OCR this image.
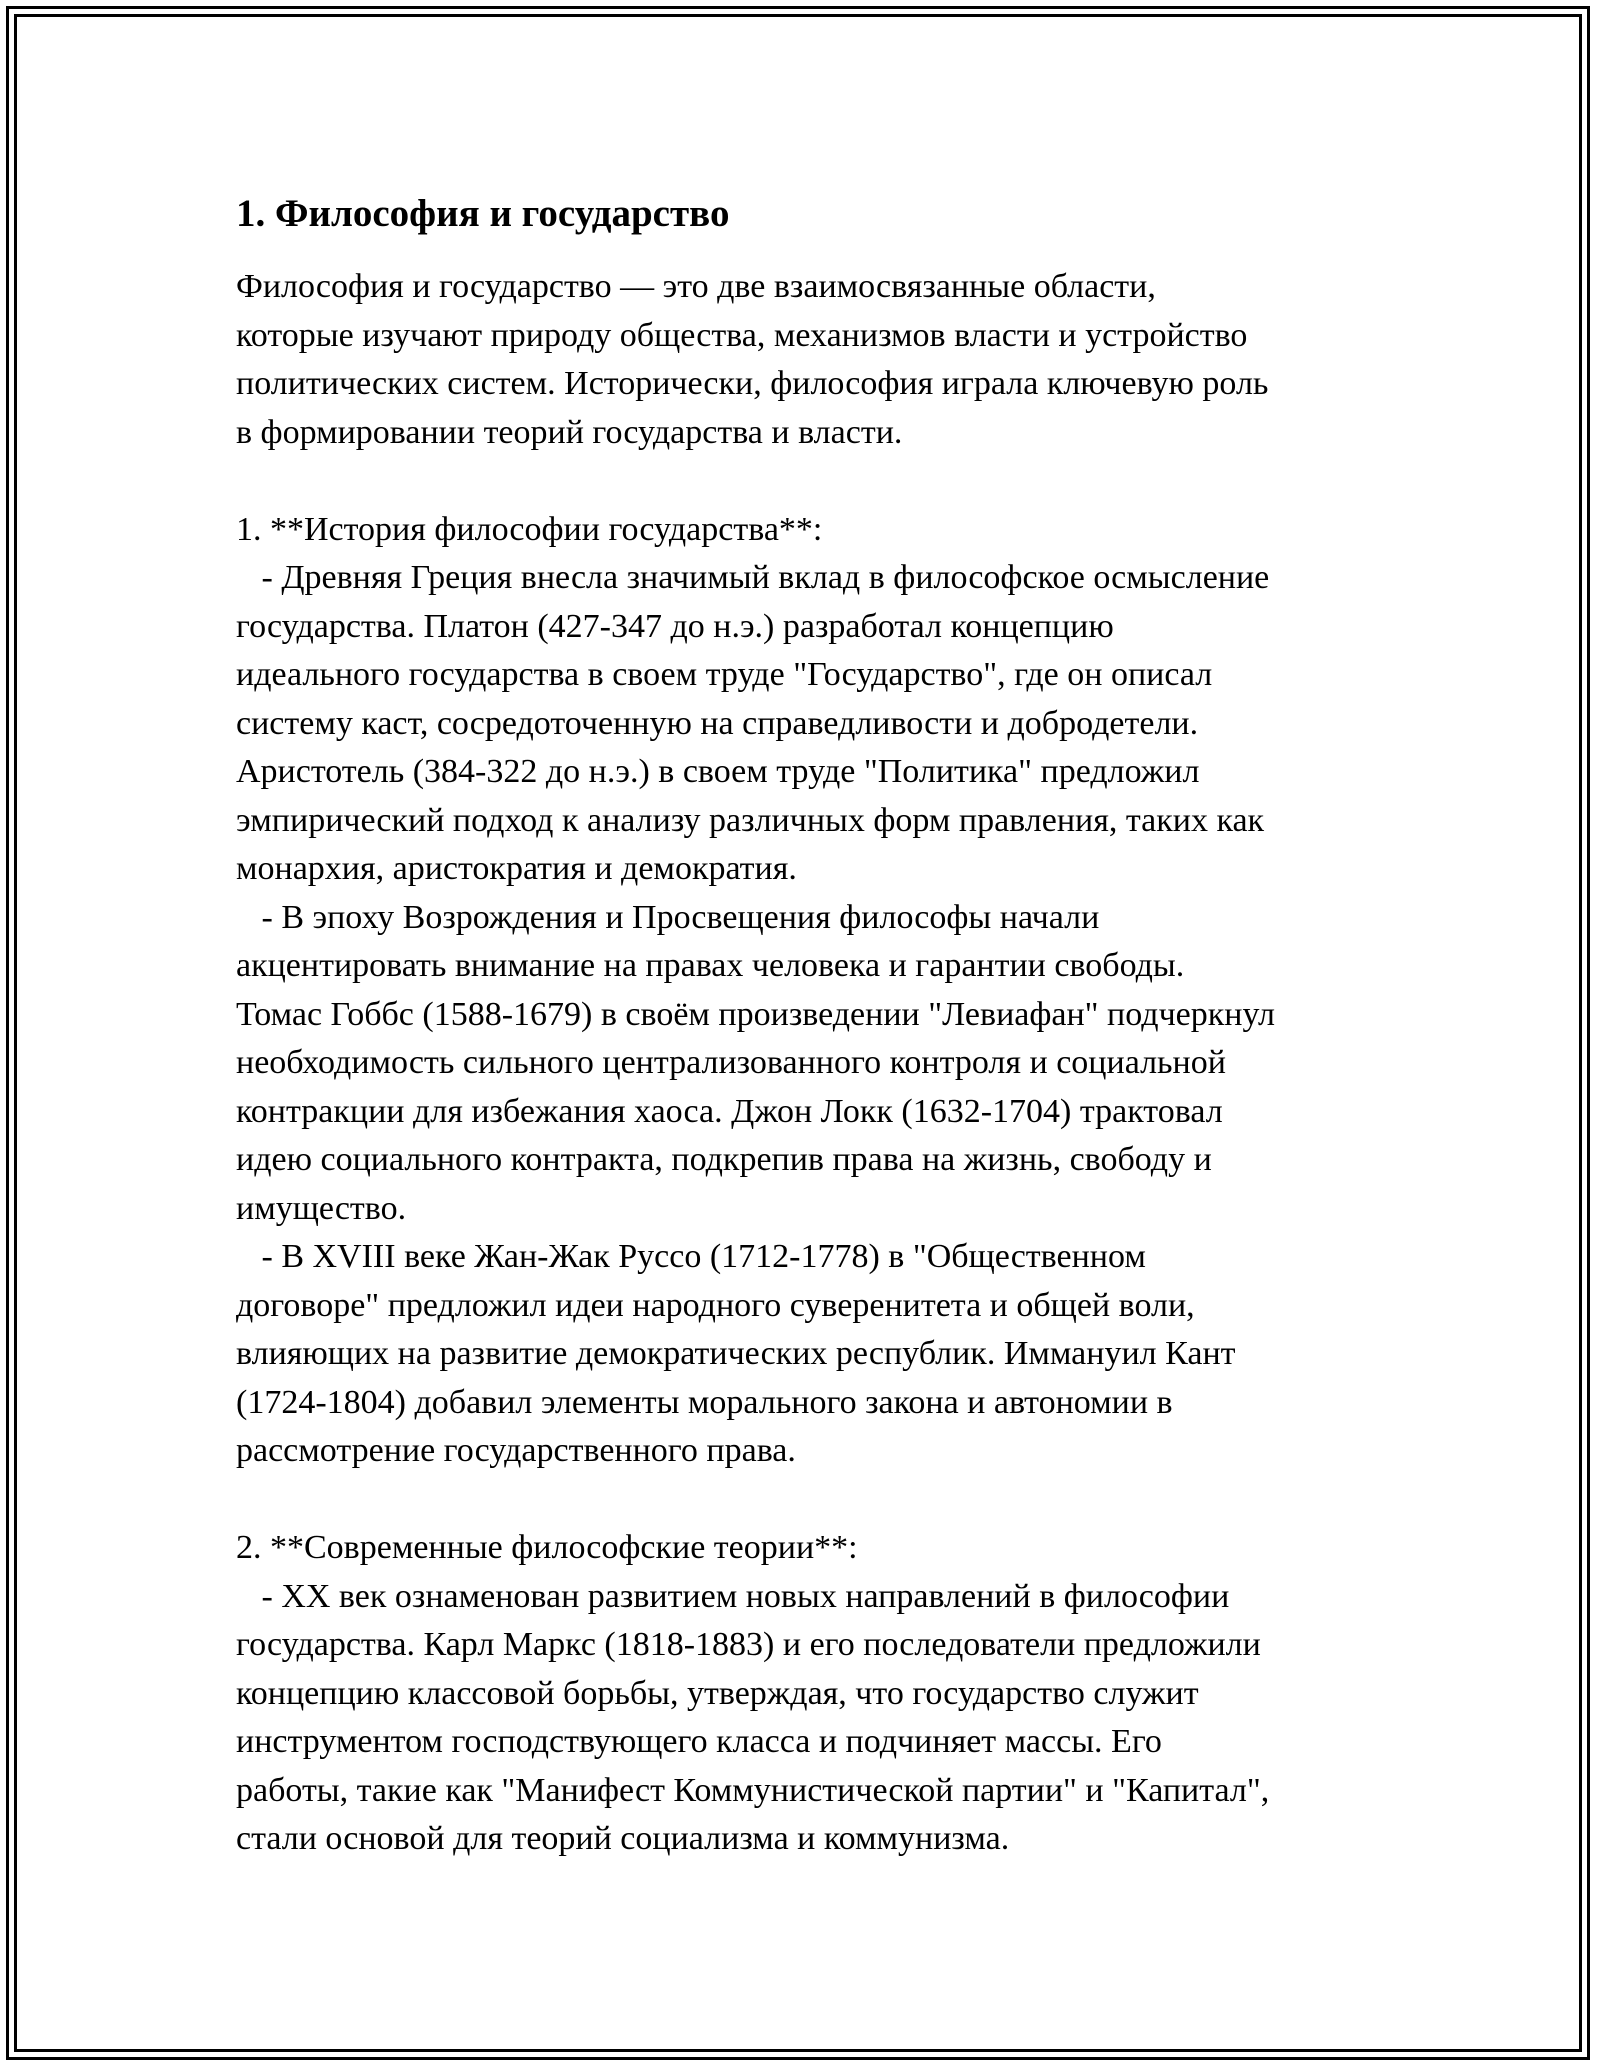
1. Философия и государство
Философия и государство — это две взаимосвязанные области,
которые изучают природу общества, механизмов власти и устройство
политических систем. Исторически, философия играла ключевую роль
в формировании теорий государства и власти.
1. **История философии государства**:
- Древняя Греция внесла значимый вклад в философское осмысление
государства. Платон (427-347 до н.э.) разработал концепцию
идеального государства в своем труде "Государство", где он описал
систему каст, сосредоточенную на справедливости и добродетели.
Аристотель (384-322 до н.э.) в своем труде "Политика" предложил
эмпирический подход к анализу различных форм правления, таких как
монархия, аристократия и демократия.
- В эпоху Возрождения и Просвещения философы начали
акцентировать внимание на правах человека и гарантии свободы.
Томас Гоббс (1588-1679) в своём произведении "Левиафан" подчеркнул
необходимость сильного централизованного контроля и социальной
контракции для избежания хаоса. Джон Локк (1632-1704) трактовал
идею социального контракта, подкрепив права на жизнь, свободу и
имущество.
- В XVIII веке Жан-Жак Руссо (1712-1778) в "Общественном
договоре" предложил идеи народного суверенитета и общей воли,
влияющих на развитие демократических республик. Иммануил Кант
(1724-1804) добавил элементы морального закона и автономии в
рассмотрение государственного права.
2. **Современные философские теории**:
- XX век ознаменован развитием новых направлений в философии
государства. Карл Маркс (1818-1883) и его последователи предложили
концепцию классовой борьбы, утверждая, что государство служит
инструментом господствующего класса и подчиняет массы. Его
работы, такие как "Манифест Коммунистической партии" и "Капитал",
стали основой для теорий социализма и коммунизма.
